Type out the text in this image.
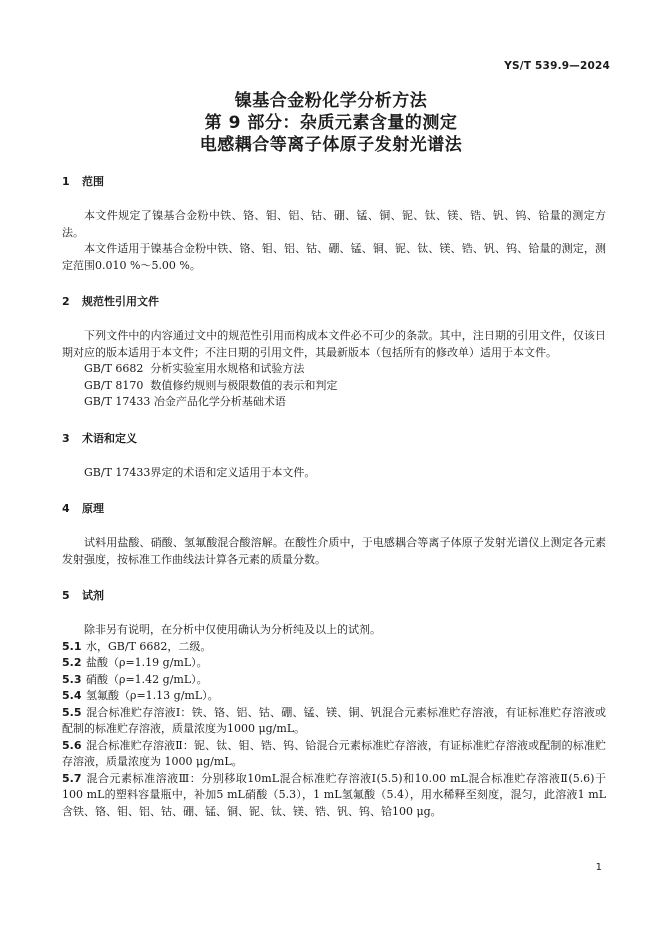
YS/T 539.9—2024
镍基合金粉化学分析方法
第 9 部分：杂质元素含量的测定
电感耦合等离子体原子发射光谱法
1 范围
本文件规定了镍基合金粉中铁、铬、钼、铝、钴、硼、锰、铜、铌、钛、镁、锆、钒、钨、铪量的测定方法。
本文件适用于镍基合金粉中铁、铬、钼、铝、钴、硼、锰、铜、铌、钛、镁、锆、钒、钨、铪量的测定，测定范围0.010 %～5.00 %。
2 规范性引用文件
下列文件中的内容通过文中的规范性引用而构成本文件必不可少的条款。其中，注日期的引用文件，仅该日期对应的版本适用于本文件；不注日期的引用文件，其最新版本（包括所有的修改单）适用于本文件。
GB/T 6682  分析实验室用水规格和试验方法
GB/T 8170  数值修约规则与极限数值的表示和判定
GB/T 17433 冶金产品化学分析基础术语
3 术语和定义
GB/T 17433界定的术语和定义适用于本文件。
4 原理
试料用盐酸、硝酸、氢氟酸混合酸溶解。在酸性介质中，于电感耦合等离子体原子发射光谱仪上测定各元素发射强度，按标准工作曲线法计算各元素的质量分数。
5 试剂
除非另有说明，在分析中仅使用确认为分析纯及以上的试剂。
5.1 水，GB/T 6682，二级。
5.2 盐酸（ρ=1.19 g/mL）。
5.3 硝酸（ρ=1.42 g/mL）。
5.4 氢氟酸（ρ=1.13 g/mL）。
5.5 混合标准贮存溶液Ⅰ：铁、铬、铝、钴、硼、锰、镁、铜、钒混合元素标准贮存溶液，有证标准贮存溶液或配制的标准贮存溶液，质量浓度为1000 μg/mL。
5.6 混合标准贮存溶液Ⅱ：铌、钛、钼、锆、钨、铪混合元素标准贮存溶液，有证标准贮存溶液或配制的标准贮存溶液，质量浓度为 1000 μg/mL。
5.7 混合元素标准溶液Ⅲ：分别移取10mL混合标准贮存溶液Ⅰ(5.5)和10.00 mL混合标准贮存溶液Ⅱ(5.6)于100 mL的塑料容量瓶中，补加5 mL硝酸（5.3），1 mL氢氟酸（5.4），用水稀释至刻度，混匀，此溶液1 mL含铁、铬、钼、铝、钴、硼、锰、铜、铌、钛、镁、锆、钒、钨、铪100 μg。
1
